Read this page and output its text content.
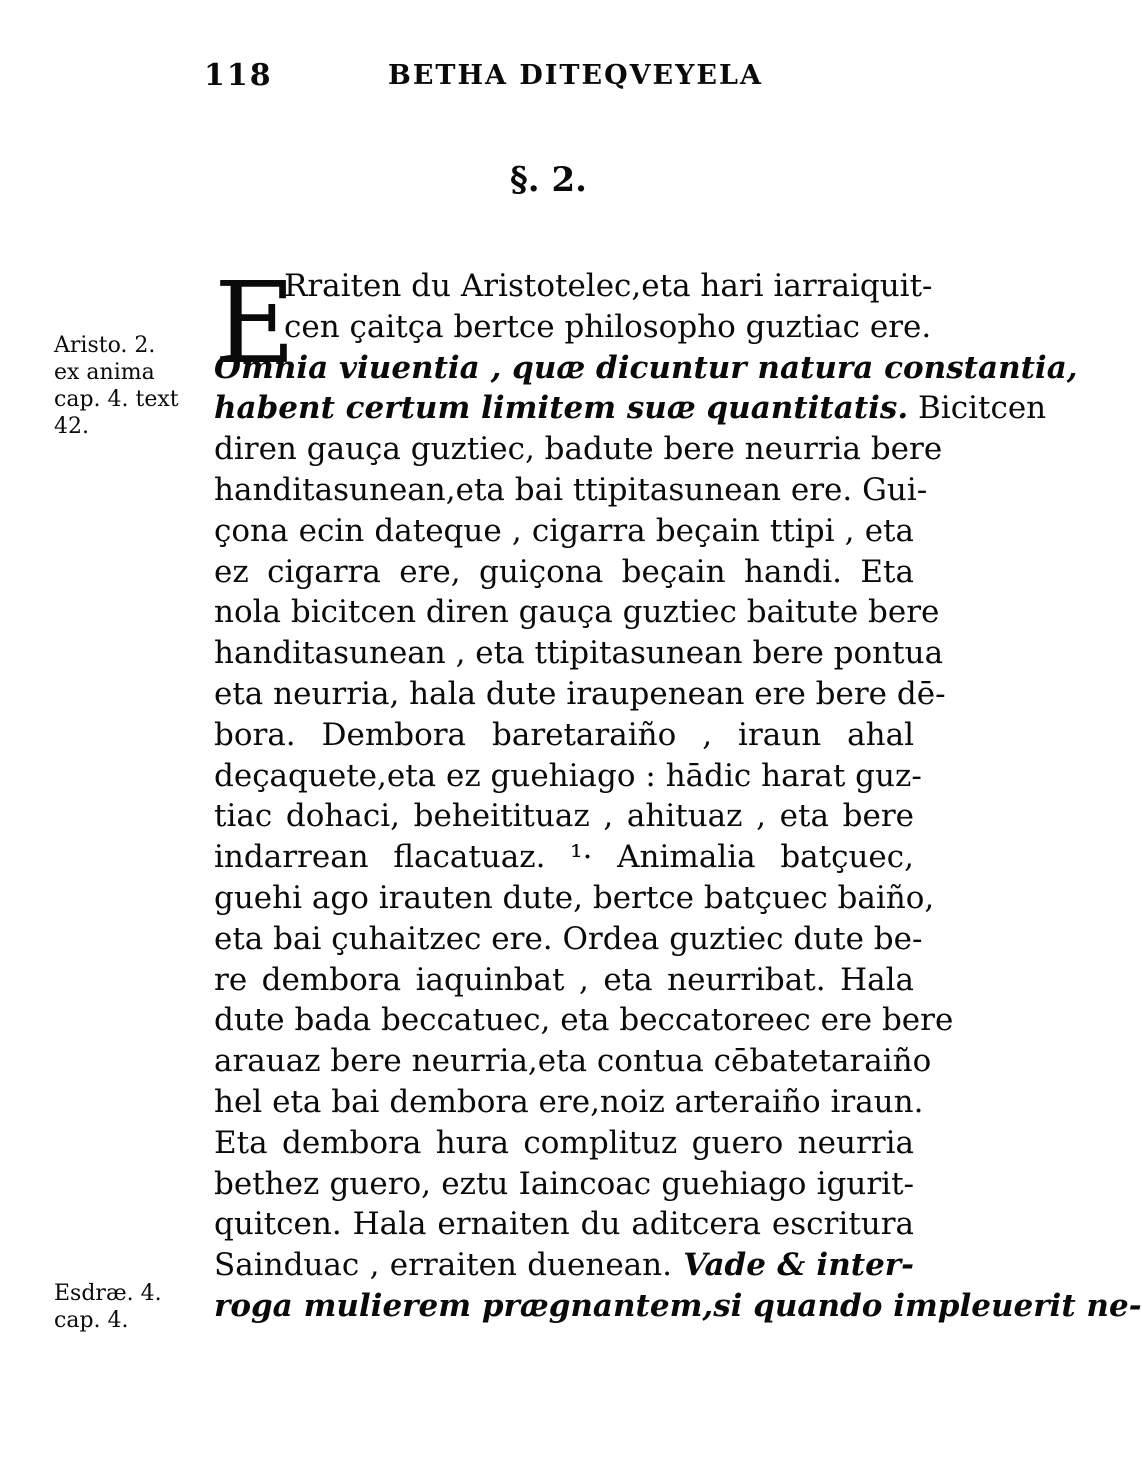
118	BETHA DITEQVEYELA
§. 2.
E
Rraiten du Aristotelec,eta hari iarraiquit-
cen çaitça bertce philosopho guztiac ere.
Omnia viuentia , quæ dicuntur natura constantia,
habent certum limitem suæ quantitatis. Bicitcen
diren gauça guztiec, badute bere neurria bere
handitasunean,eta bai ttipitasunean ere. Gui-
çona ecin dateque , cigarra beçain ttipi , eta
ez cigarra ere, guiçona beçain handi. Eta
nola bicitcen diren gauça guztiec baitute bere
handitasunean , eta ttipitasunean bere pontua
eta neurria, hala dute iraupenean ere bere dē-
bora. Dembora baretaraiño , iraun ahal
deçaquete,eta ez guehiago : hādic harat guz-
tiac dohaci, beheitituaz , ahituaz , eta bere
indarrean flacatuaz. ¹· Animalia batçuec,
guehi ago irauten dute, bertce batçuec baiño,
eta bai çuhaitzec ere. Ordea guztiec dute be-
re dembora iaquinbat , eta neurribat. Hala
dute bada beccatuec, eta beccatoreec ere bere
arauaz bere neurria,eta contua cēbatetaraiño
hel eta bai dembora ere,noiz arteraiño iraun.
Eta dembora hura complituz guero neurria
bethez guero, eztu Iaincoac guehiago igurit-
quitcen. Hala ernaiten du aditcera escritura
Sainduac , erraiten duenean. Vade & inter-
roga mulierem prægnantem,si quando impleuerit ne-
Aristo. 2.
ex anima
cap. 4. text
42.
Esdræ. 4.
cap. 4.
